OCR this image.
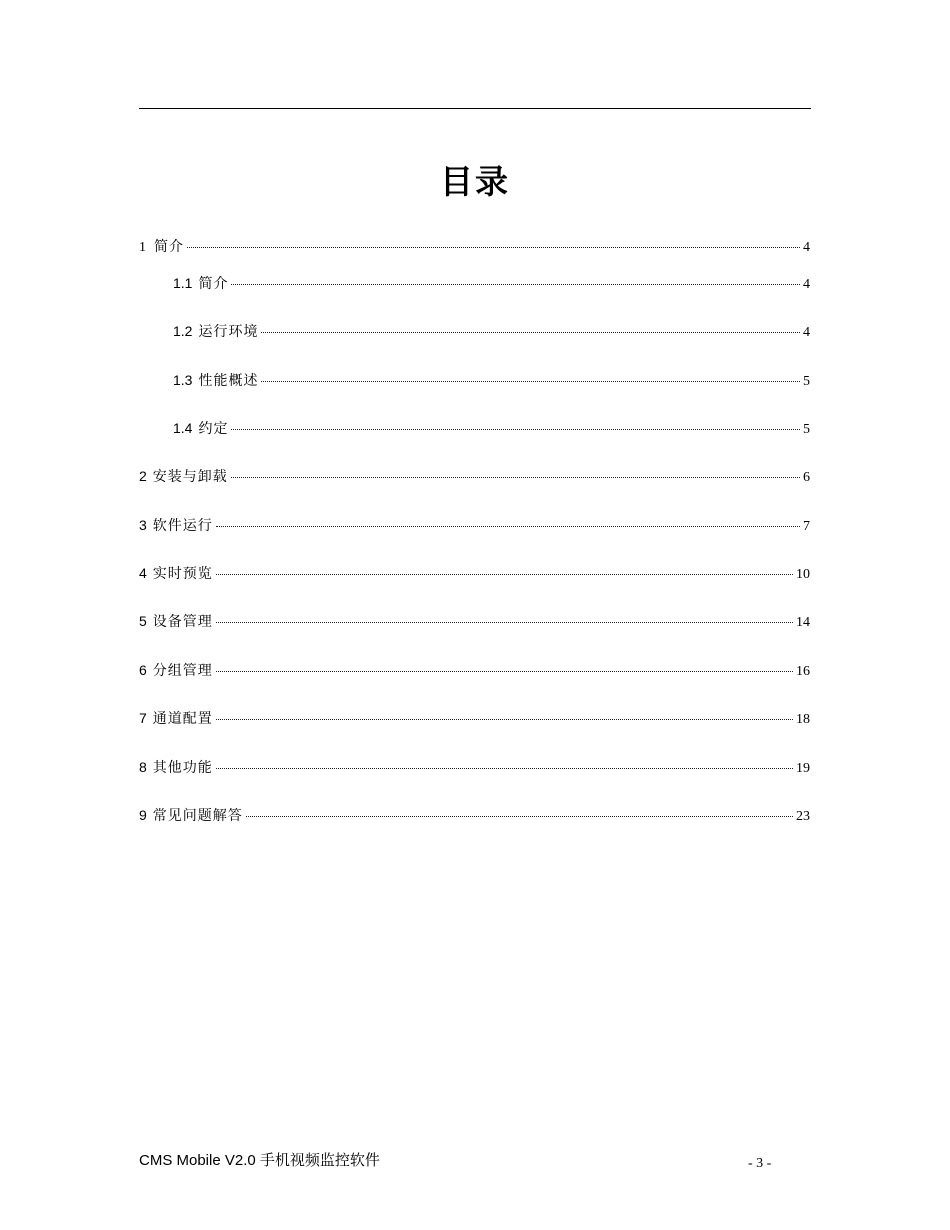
目录
1 简介	4
1.1 简介	4
1.2 运行环境	4
1.3 性能概述	5
1.4 约定	5
2 安装与卸载	6
3 软件运行	7
4 实时预览	10
5 设备管理	14
6 分组管理	16
7 通道配置	18
8 其他功能	19
9 常见问题解答	23
CMS Mobile V2.0 手机视频监控软件	- 3 -
